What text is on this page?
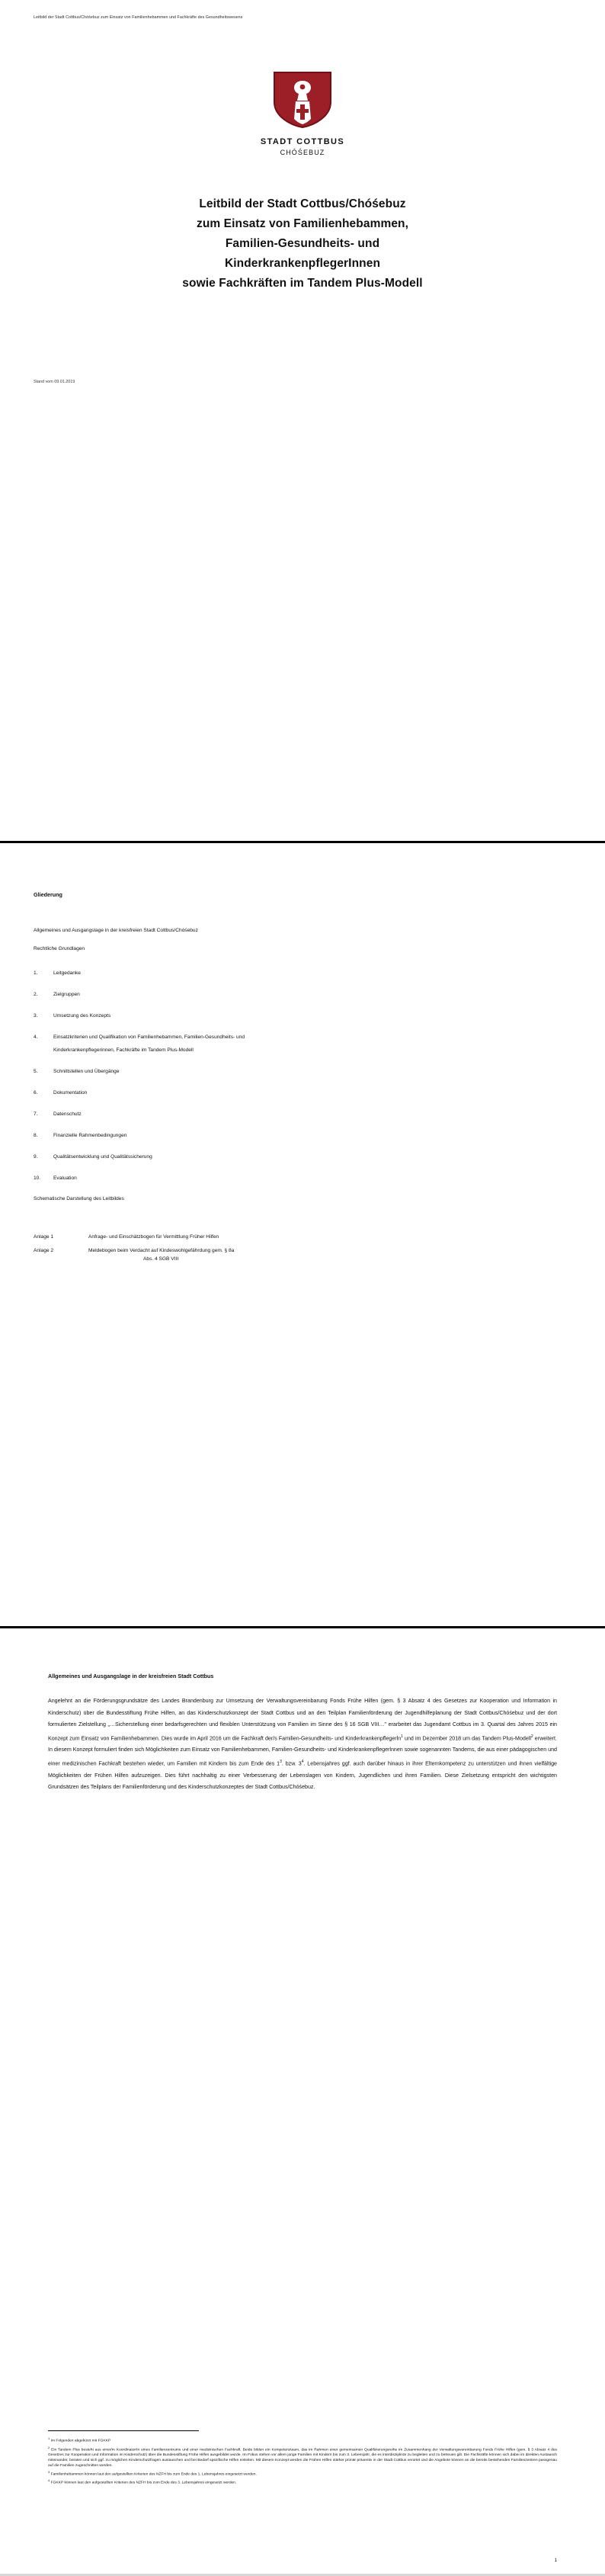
Leitbild der Stadt Cottbus/Chóśebuz zum Einsatz von Familienhebammen und Fachkräfte des Gesundheitswesens
STADT COTTBUS
CHÓŚEBUZ
Leitbild der Stadt Cottbus/Chóśebuz
zum Einsatz von Familienhebammen,
Familien-Gesundheits- und
KinderkrankenpflegerInnen
sowie Fachkräften im Tandem Plus-Modell
Stand vom 09.01.2019
Gliederung
Allgemeines und Ausgangslage in der kreisfreien Stadt Cottbus/Chóśebuz
Rechtliche Grundlagen
1.	Leitgedanke
2.	Zielgruppen
3.	Umsetzung des Konzepts
4.	Einsatzkriterien und Qualifikation von Familienhebammen, Familien-Gesundheits- und
Kinderkrankenpflegerinnen, Fachkräfte im Tandem Plus-Modell
5.	Schnittstellen und Übergänge
6.	Dokumentation
7.	Datenschutz
8.	Finanzielle Rahmenbedingungen
9.	Qualitätsentwicklung und Qualitätssicherung
10.	Evaluation
Schematische Darstellung des Leitbildes
Anlage 1	Anfrage- und Einschätzbogen für Vermittlung Früher Hilfen
Anlage 2	Meldebogen beim Verdacht auf Kindeswohlgefährdung gem. § 8a
Abs. 4 SGB VIII
Allgemeines und Ausgangslage in der kreisfreien Stadt Cottbus
Angelehnt an die Förderungsgrundsätze des Landes Brandenburg zur Umsetzung der Verwaltungsvereinbarung Fonds Frühe Hilfen (gem. § 3 Absatz 4 des Gesetzes zur Kooperation und Information in Kinderschutz) über die Bundesstiftung Frühe Hilfen, an das Kinderschutzkonzept der Stadt Cottbus und an den Teilplan Familienförderung der Jugendhilfeplanung der Stadt Cottbus/Chóśebuz und der dort formulierten Zielstellung „…Sicherstellung einer bedarfsgerechten und flexiblen Unterstützung von Familien im Sinne des § 16 SGB VIII…" erarbeitet das Jugendamt Cottbus im 3. Quartal des Jahres 2015 ein Konzept zum Einsatz von Familienhebammen. Dies wurde im April 2016 um die Fachkraft der/s Familien-Gesundheits- und Kinderkrankenpflegerln$^1$ und im Dezember 2018 um das Tandem Plus-Modell$^2$ erweitert. In diesem Konzept formuliert finden sich Möglichkeiten zum Einsatz von Familienhebammen, Familien-Gesundheits- und Kinderkrankenpflegerlnnen sowie sogenannten Tandems, die aus einer pädagogischen und einer medizinischen Fachkraft bestehen wieder, um Familien mit Kindern bis zum Ende des $1^3$. bzw. $3^4$. Lebensjahres ggf. auch darüber hinaus in ihrer Elternkompetenz zu unterstützen und ihnen vielfältige Möglichkeiten der Frühen Hilfen aufzuzeigen. Dies führt nachhaltig zu einer Verbesserung der Lebenslagen von Kindern, Jugendlichen und ihren Familien. Diese Zielsetzung entspricht den wichtigsten Grundsätzen des Teilplans der Familienförderung und des Kinderschutzkonzeptes der Stadt Cottbus/Chóśebuz.
$^1$ Im Folgenden abgekürzt mit FGKKP
$^2$ Ein Tandem Plus besteht aus einer/m Koordinator/in eines Familienzentrums und einer medizinischen Fachkraft. Beide bilden ein Kompetenzteam, das im Rahmen einer gemeinsamen Qualifizierungsreihe im Zusammenhang der Verwaltungsvereinbarung Fonds Frühe Hilfen (gem. § 3 Absatz 4 des Gesetzes zur Kooperation und Information im Kinderschutz) über die Bundesstiftung Frühe Hilfen ausgebildet wurde. Im Fokus stehen vor allem junge Familien mit Kindern bis zum 3. Lebensjahr, die es interdisziplinär zu begleiten und zu betreuen gilt. Die Fachkräfte können sich dabei im direkten Austausch miteinander, beraten und sich ggf. zu möglichen Kinderschutzfragen austauschen und bei Bedarf spezifische Hilfen einleiten. Mit diesem Konzept werden die Frühen Hilfen stärker primär präventiv in der Stadt Cottbus verortet und die Angebote können an die bereits bestehenden Familienzentren passgenau auf die Familien zugeschnitten werden.
$^3$ Familienhebammen können laut den aufgestellten Kriterien des NZFH bis zum Ende des 1. Lebensjahres eingesetzt werden.
$^4$ FGKKP können laut den aufgestellten Kriterien des NZFH bis zum Ende des 3. Lebensjahres eingesetzt werden.
1
